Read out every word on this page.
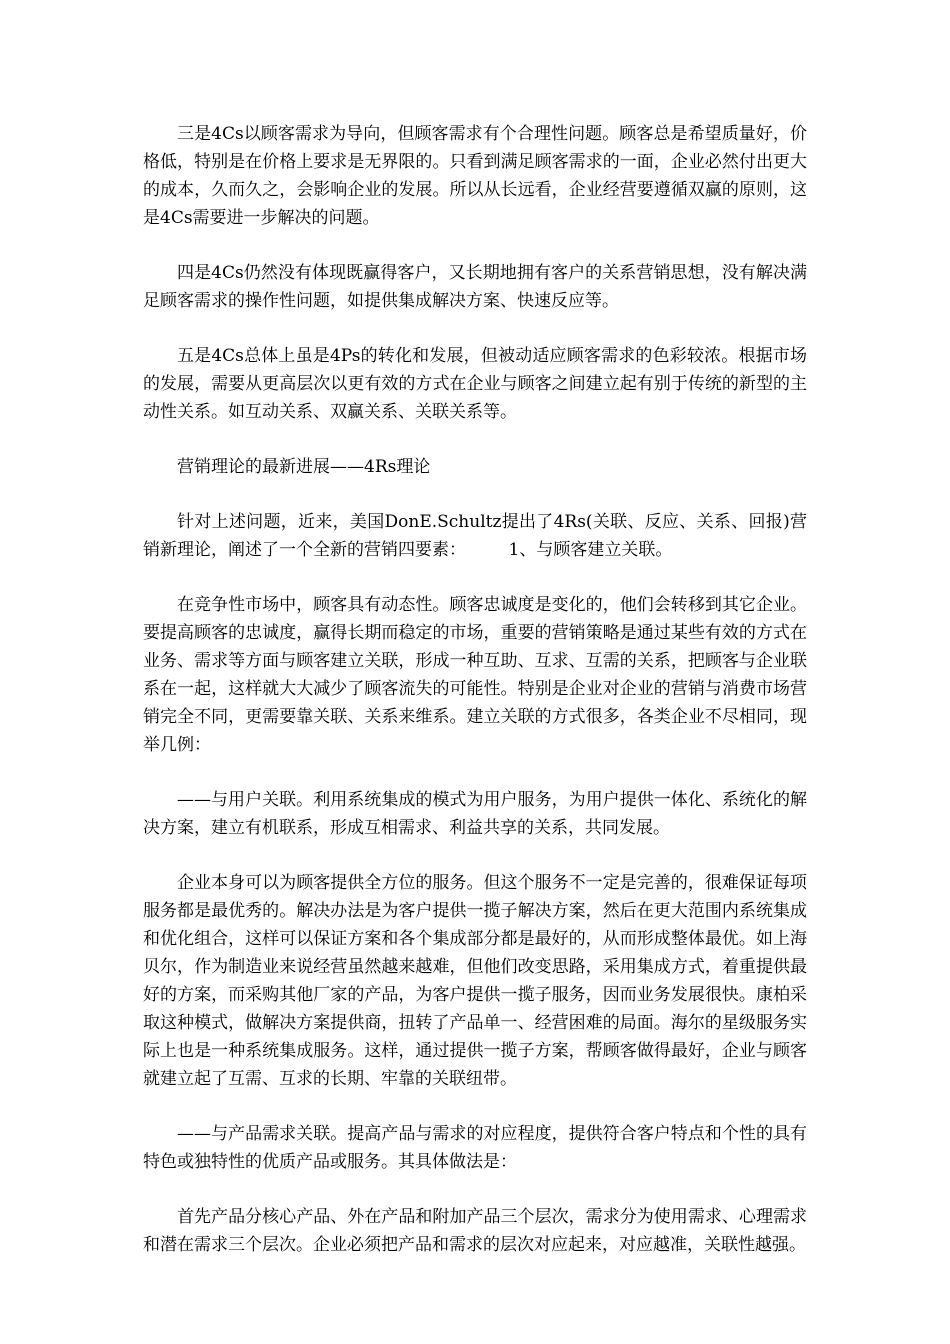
三是4Cs以顾客需求为导向，但顾客需求有个合理性问题。顾客总是希望质量好，价格低，特别是在价格上要求是无界限的。只看到满足顾客需求的一面，企业必然付出更大的成本，久而久之，会影响企业的发展。所以从长远看，企业经营要遵循双赢的原则，这是4Cs需要进一步解决的问题。

四是4Cs仍然没有体现既赢得客户，又长期地拥有客户的关系营销思想，没有解决满足顾客需求的操作性问题，如提供集成解决方案、快速反应等。

五是4Cs总体上虽是4Ps的转化和发展，但被动适应顾客需求的色彩较浓。根据市场的发展，需要从更高层次以更有效的方式在企业与顾客之间建立起有别于传统的新型的主动性关系。如互动关系、双赢关系、关联关系等。

营销理论的最新进展——4Rs理论

针对上述问题，近来，美国DonE.Schultz提出了4Rs(关联、反应、关系、回报)营销新理论，阐述了一个全新的营销四要素：　　　1、与顾客建立关联。

在竞争性市场中，顾客具有动态性。顾客忠诚度是变化的，他们会转移到其它企业。要提高顾客的忠诚度，赢得长期而稳定的市场，重要的营销策略是通过某些有效的方式在业务、需求等方面与顾客建立关联，形成一种互助、互求、互需的关系，把顾客与企业联系在一起，这样就大大减少了顾客流失的可能性。特别是企业对企业的营销与消费市场营销完全不同，更需要靠关联、关系来维系。建立关联的方式很多，各类企业不尽相同，现举几例：

——与用户关联。利用系统集成的模式为用户服务，为用户提供一体化、系统化的解决方案，建立有机联系，形成互相需求、利益共享的关系，共同发展。

企业本身可以为顾客提供全方位的服务。但这个服务不一定是完善的，很难保证每项服务都是最优秀的。解决办法是为客户提供一揽子解决方案，然后在更大范围内系统集成和优化组合，这样可以保证方案和各个集成部分都是最好的，从而形成整体最优。如上海贝尔，作为制造业来说经营虽然越来越难，但他们改变思路，采用集成方式，着重提供最好的方案，而采购其他厂家的产品，为客户提供一揽子服务，因而业务发展很快。康柏采取这种模式，做解决方案提供商，扭转了产品单一、经营困难的局面。海尔的星级服务实际上也是一种系统集成服务。这样，通过提供一揽子方案，帮顾客做得最好，企业与顾客就建立起了互需、互求的长期、牢靠的关联纽带。

——与产品需求关联。提高产品与需求的对应程度，提供符合客户特点和个性的具有特色或独特性的优质产品或服务。其具体做法是：

首先产品分核心产品、外在产品和附加产品三个层次，需求分为使用需求、心理需求和潜在需求三个层次。企业必须把产品和需求的层次对应起来，对应越准，关联性越强。
